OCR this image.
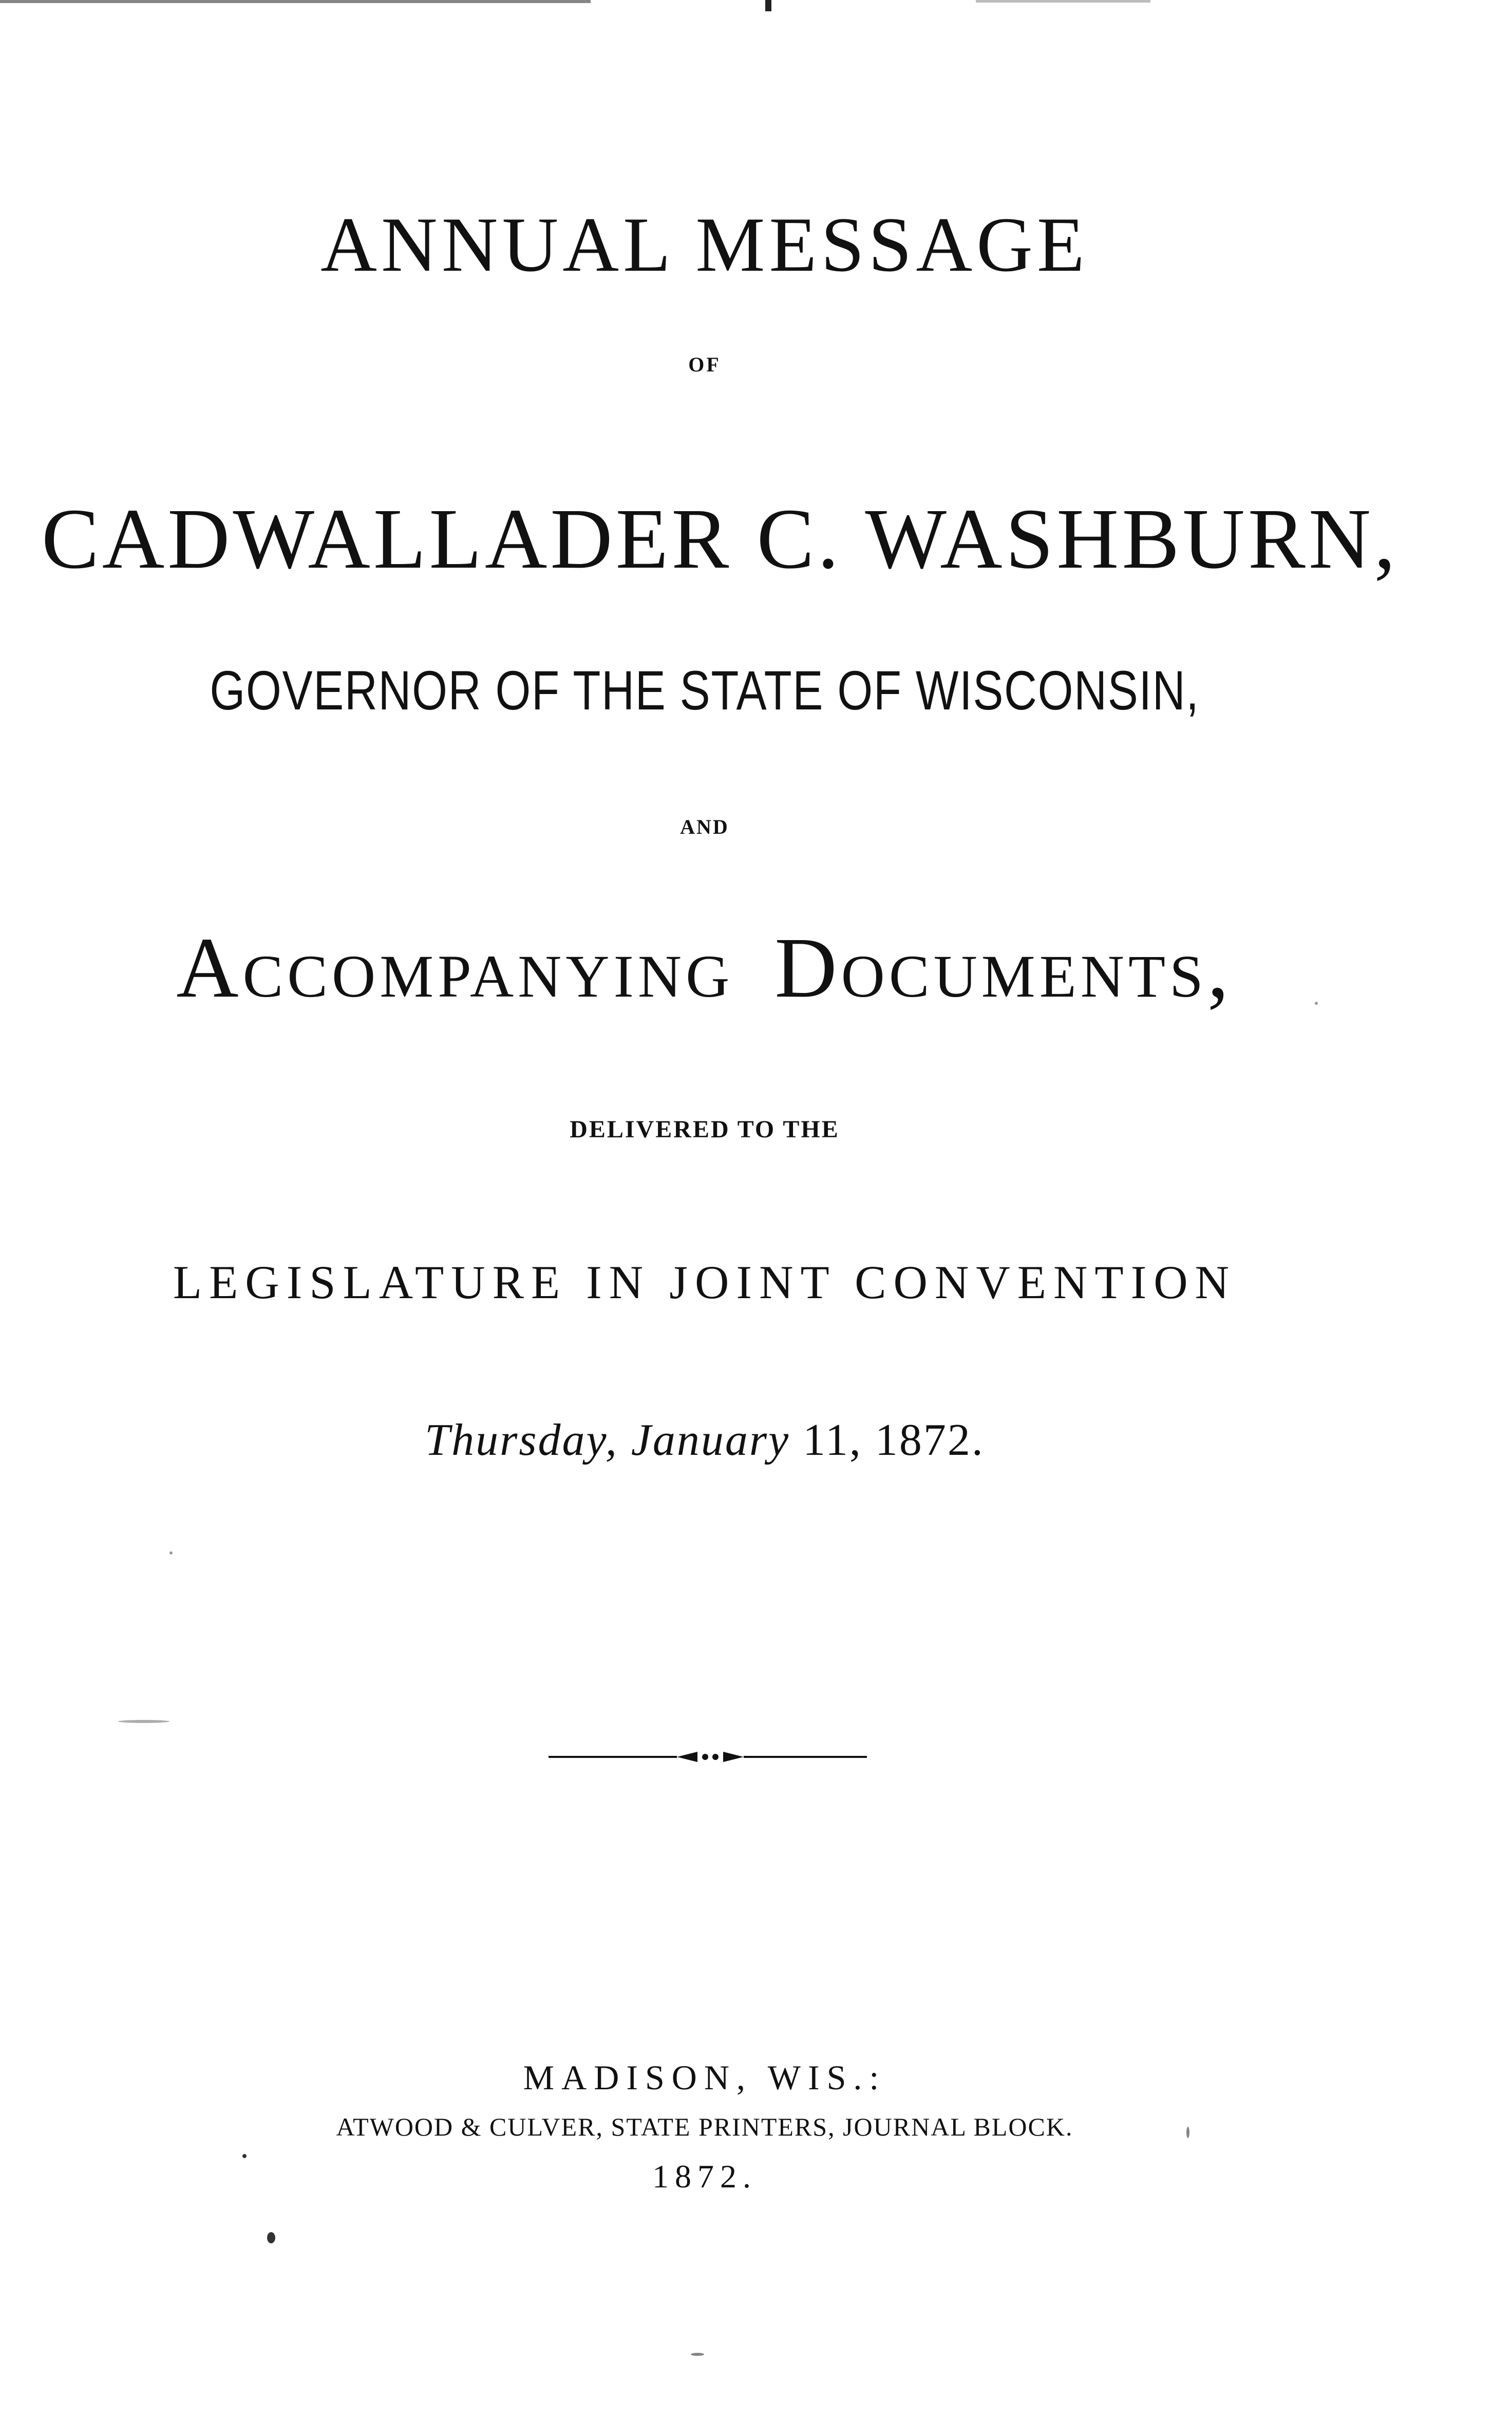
ANNUAL MESSAGE
OF
CADWALLADER C. WASHBURN,
GOVERNOR OF THE STATE OF WISCONSIN,
AND
Accompanying Documents,
DELIVERED TO THE
LEGISLATURE IN JOINT CONVENTION
Thursday, January 11, 1872.
MADISON, WIS.:
ATWOOD & CULVER, STATE PRINTERS, JOURNAL BLOCK.
1872.
